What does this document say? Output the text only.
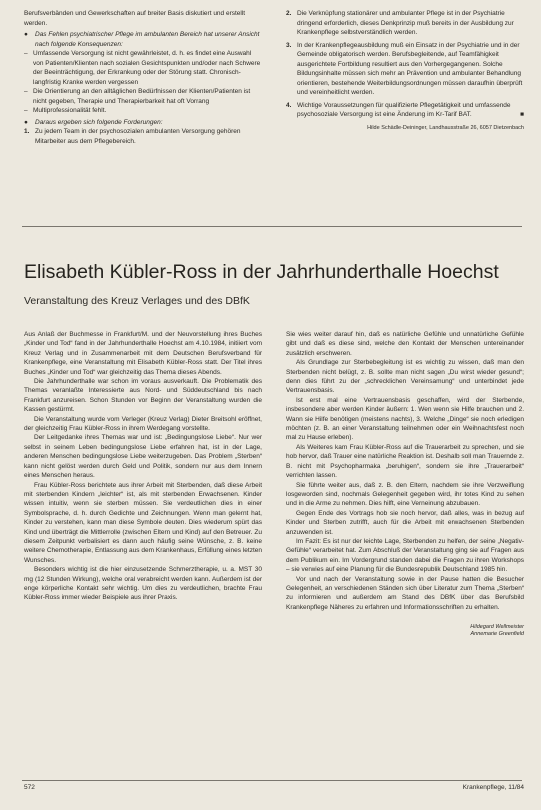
Berufsverbänden und Gewerkschaften auf breiter Basis diskutiert und erstellt werden.

●	Das Fehlen psychiatrischer Pflege im ambulanten Bereich hat unserer Ansicht nach folgende Konsequenzen:
– Umfassende Versorgung ist nicht gewährleistet, d. h. es findet eine Auswahl von Patienten/Klienten nach sozialen Gesichtspunkten und/oder nach Schwere der Beeinträchtigung, der Erkrankung oder der Störung statt. Chronisch-langfristig Kranke werden vergessen
– Die Orientierung an den alltäglichen Bedürfnissen der Klienten/Patienten ist nicht gegeben, Therapie und Therapierbarkeit hat oft Vorrang
– Multiprofessionalität fehlt.
●	Daraus ergeben sich folgende Forderungen:
1. Zu jedem Team in der psychosozialen ambulanten Versorgung gehören Mitarbeiter aus dem Pflegebereich.
2. Die Verknüpfung stationärer und ambulanter Pflege ist in der Psychiatrie dringend erforderlich, dieses Denkprinzip muß bereits in der Ausbildung zur Krankenpflege selbstverständlich werden.
3. In der Krankenpflegeausbildung muß ein Einsatz in der Psychiatrie und in der Gemeinde obligatorisch werden. Berufsbegleitende, auf Teamfähigkeit ausgerichtete Fortbildung resultiert aus den Vorhergegangenen. Solche Bildungsinhalte müssen sich mehr an Prävention und ambulanter Behandlung orientieren, bestehende Weiterbildungsordnungen müssen daraufhin überprüft und vereinheitlicht werden.
4. Wichtige Voraussetzungen für qualifizierte Pflegetätigkeit und umfassende psychosoziale Versorgung ist eine Änderung im Kr-Tarif BAT.	■
Hilde Schädle-Deininger, Landhausstraße 26, 6057 Dietzenbach
Elisabeth Kübler-Ross in der Jahrhunderthalle Hoechst
Veranstaltung des Kreuz Verlages und des DBfK

Aus Anlaß der Buchmesse in Frankfurt/M. und der Neuvorstellung ihres Buches „Kinder und Tod“ fand in der Jahrhunderthalle Hoechst am 4.10.1984, initiiert vom Kreuz Verlag und in Zusammenarbeit mit dem Deutschen Berufsverband für Krankenpflege, eine Veranstaltung mit Elisabeth Kübler-Ross statt. Der Titel ihres Buches „Kinder und Tod“ war gleichzeitig das Thema dieses Abends.

Die Jahrhunderthalle war schon im voraus ausverkauft. Die Problematik des Themas veranlaßte Interessierte aus Nord- und Süddeutschland bis nach Frankfurt anzureisen. Schon Stunden vor Beginn der Veranstaltung wurden die Kassen gestürmt.

Die Veranstaltung wurde vom Verleger (Kreuz Verlag) Dieter Breitsohl eröffnet, der gleichzeitig Frau Kübler-Ross in ihrem Werdegang vorstellte.

Der Leitgedanke ihres Themas war und ist: „Bedingungslose Liebe“. Nur wer selbst in seinem Leben bedingungslose Liebe erfahren hat, ist in der Lage, anderen Menschen bedingungslose Liebe weiterzugeben. Das Problem „Sterben“ kann nicht gelöst werden durch Geld und Politik, sondern nur aus dem Innern eines Menschen heraus.

Frau Kübler-Ross berichtete aus ihrer Arbeit mit Sterbenden, daß diese Arbeit mit sterbenden Kindern „leichter“ ist, als mit sterbenden Erwachsenen. Kinder wissen intuitiv, wenn sie sterben müssen. Sie verdeutlichen dies in einer Symbolsprache, d. h. durch Gedichte und Zeichnungen. Wenn man gelernt hat, Kinder zu verstehen, kann man diese Symbole deuten. Dies wiederum spürt das Kind und überträgt die Mittlerrolle (zwischen Eltern und Kind) auf den Betreuer. Zu diesem Zeitpunkt verbalisiert es dann auch häufig seine Wünsche, z. B. keine weitere Chemotherapie, Entlassung aus dem Krankenhaus, Erfüllung eines letzten Wunsches.

Besonders wichtig ist die hier einzusetzende Schmerztherapie, u. a. MST 30 mg (12 Stunden Wirkung), welche oral verabreicht werden kann. Außerdem ist der enge körperliche Kontakt sehr wichtig. Um dies zu verdeutlichen, brachte Frau Kübler-Ross immer wieder Beispiele aus ihrer Praxis.

Sie wies weiter darauf hin, daß es natürliche Gefühle und unnatürliche Gefühle gibt und daß es diese sind, welche den Kontakt der Menschen untereinander zusätzlich erschweren.

Als Grundlage zur Sterbebegleitung ist es wichtig zu wissen, daß man den Sterbenden nicht belügt, z. B. sollte man nicht sagen „Du wirst wieder gesund“; denn dies führt zu der „schrecklichen Vereinsamung“ und unterbindet jede Vertrauensbasis.

Ist erst mal eine Vertrauensbasis geschaffen, wird der Sterbende, insbesondere aber werden Kinder äußern: 1. Wen wenn sie Hilfe brauchen und 2. Wann sie Hilfe benötigen (meistens nachts), 3. Welche „Dinge“ sie noch erledigen möchten (z. B. an einer Veranstaltung teilnehmen oder ein Weihnachtsfest noch mal zu Hause erleben).

Als Weiteres kam Frau Kübler-Ross auf die Trauerarbeit zu sprechen, und sie hob hervor, daß Trauer eine natürliche Reaktion ist. Deshalb soll man Trauernde z. B. nicht mit Psychopharmaka „beruhigen“, sondern sie ihre „Trauerarbeit“ verrichten lassen.

Sie führte weiter aus, daß z. B. den Eltern, nachdem sie ihre Verzweiflung losgeworden sind, nochmals Gelegenheit gegeben wird, ihr totes Kind zu sehen und in die Arme zu nehmen. Dies hilft, eine Verneinung abzubauen.

Gegen Ende des Vortrags hob sie noch hervor, daß alles, was in bezug auf Kinder und Sterben zutrifft, auch für die Arbeit mit erwachsenen Sterbenden anzuwenden ist.

Im Fazit: Es ist nur der leichte Lage, Sterbenden zu helfen, der seine „Negativ-Gefühle“ verarbeitet hat. Zum Abschluß der Veranstaltung ging sie auf Fragen aus dem Publikum ein. Im Vordergrund standen dabei die Fragen zu ihren Workshops – sie verwies auf eine Planung für die Bundesrepublik Deutschland 1985 hin.

Vor und nach der Veranstaltung sowie in der Pause hatten die Besucher Gelegenheit, an verschiedenen Ständen sich über Literatur zum Thema „Sterben“ zu informieren und außerdem am Stand des DBfK über das Berufsbild Krankenpflege Näheres zu erfahren und Informationsschriften zu erhalten.

Hildegard Wellmeister
Annemarie Greenfield
572	Krankenpflege, 11/84
